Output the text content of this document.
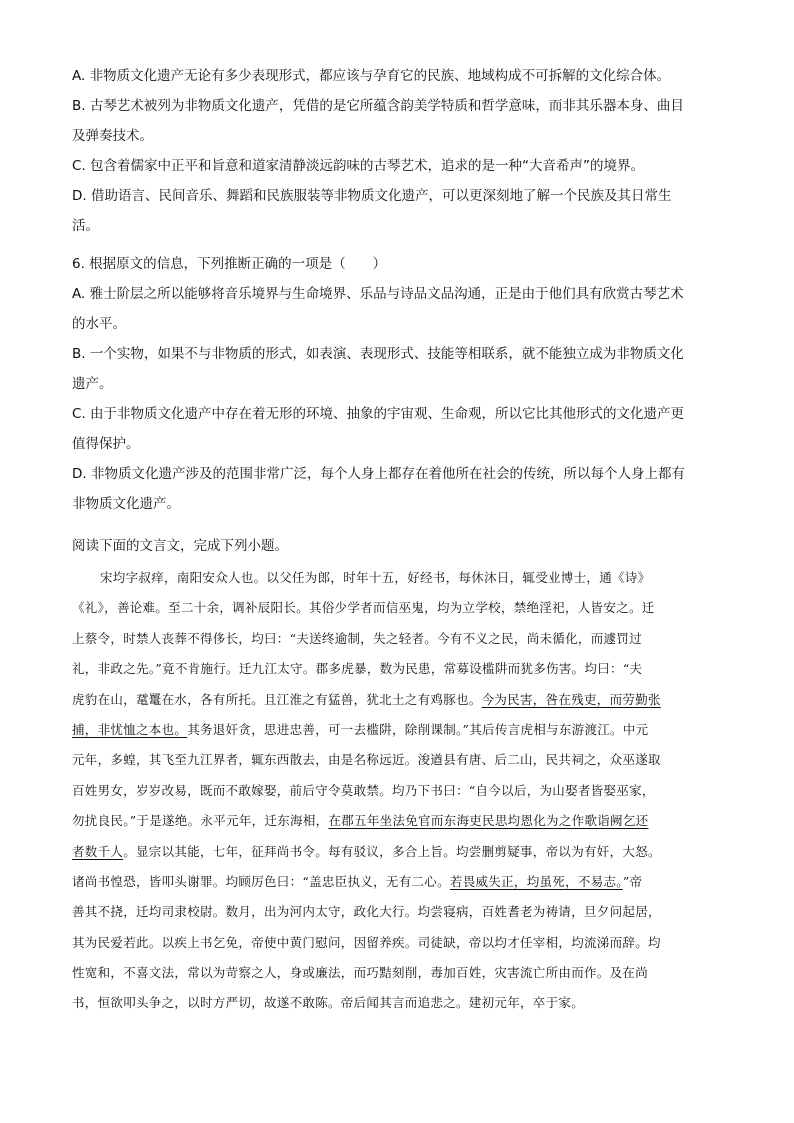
A. 非物质文化遗产无论有多少表现形式，都应该与孕育它的民族、地域构成不可拆解的文化综合体。
B. 古琴艺术被列为非物质文化遗产，凭借的是它所蕴含韵美学特质和哲学意味，而非其乐器本身、曲目
及弹奏技术。
C. 包含着儒家中正平和旨意和道家清静淡远韵味的古琴艺术，追求的是一种“大音希声”的境界。
D. 借助语言、民间音乐、舞蹈和民族服装等非物质文化遗产，可以更深刻地了解一个民族及其日常生
活。
6. 根据原文的信息，下列推断正确的一项是（　　）
A. 雅士阶层之所以能够将音乐境界与生命境界、乐品与诗品文品沟通，正是由于他们具有欣赏古琴艺术
的水平。
B. 一个实物，如果不与非物质的形式，如表演、表现形式、技能等相联系，就不能独立成为非物质文化
遗产。
C. 由于非物质文化遗产中存在着无形的环境、抽象的宇宙观、生命观，所以它比其他形式的文化遗产更
值得保护。
D. 非物质文化遗产涉及的范围非常广泛，每个人身上都存在着他所在社会的传统，所以每个人身上都有
非物质文化遗产。
阅读下面的文言文，完成下列小题。
宋均字叔痒，南阳安众人也。以父任为郎，时年十五，好经书，每休沐日，辄受业博士，通《诗》
《礼》，善论难。至二十余，调补辰阳长。其俗少学者而信巫鬼，均为立学校，禁绝淫祀，人皆安之。迁
上蔡令，时禁人丧葬不得侈长，均曰：“夫送终逾制，失之轻者。今有不义之民，尚未循化，而遽罚过
礼，非政之先。”竟不肯施行。迁九江太守。郡多虎暴，数为民患，常募设槛阱而犹多伤害。均曰：“夫
虎豹在山，鼋鼍在水，各有所托。且江淮之有猛兽，犹北土之有鸡豚也。今为民害，咎在残吏，而劳勤张
捕，非忧恤之本也。其务退奸贪，思进忠善，可一去槛阱，除削课制。”其后传言虎相与东游渡江。中元
元年，多蝗，其飞至九江界者，辄东西散去，由是名称远近。浚遒县有唐、后二山，民共祠之，众巫遂取
百姓男女，岁岁改易，既而不敢嫁娶，前后守令莫敢禁。均乃下书曰：“自今以后，为山娶者皆娶巫家，
勿扰良民。”于是遂绝。永平元年，迁东海相，在郡五年坐法免官而东海吏民思均恩化为之作歌诣阙乞还
者数千人。显宗以其能，七年，征拜尚书令。每有驳议，多合上旨。均尝删剪疑事，帝以为有奸，大怒。
诸尚书惶恐，皆叩头谢罪。均顾厉色曰：“盖忠臣执义，无有二心。若畏威失正，均虽死，不易志。”帝
善其不挠，迁均司隶校尉。数月，出为河内太守，政化大行。均尝寝病，百姓耆老为祷请，旦夕问起居，
其为民爱若此。以疾上书乞免，帝使中黄门慰问，因留养疾。司徒缺，帝以均才任宰相，均流涕而辞。均
性宽和，不喜文法，常以为苛察之人，身或廉法，而巧黠刻削，毒加百姓，灾害流亡所由而作。及在尚
书，恒欲叩头争之，以时方严切，故遂不敢陈。帝后闻其言而追悲之。建初元年，卒于家。
